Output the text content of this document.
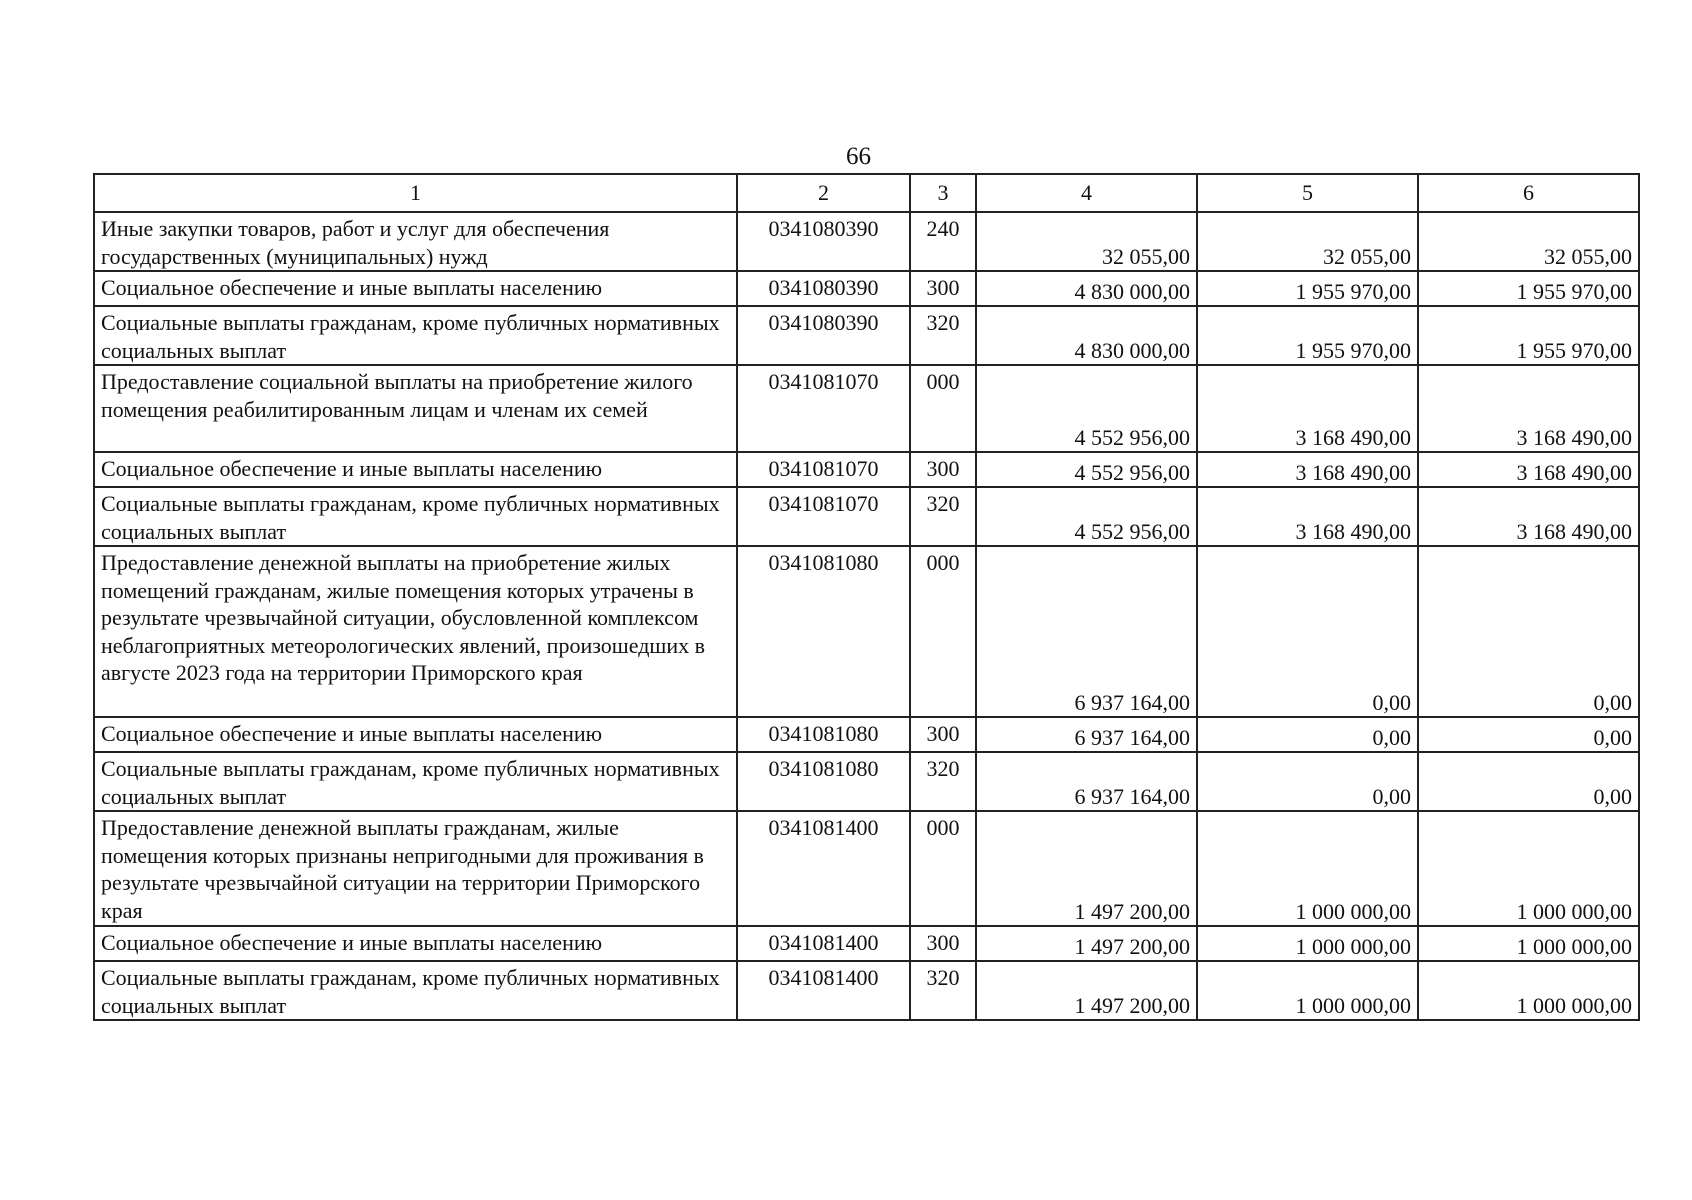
66
1	2	3	4	5	6
Иные закупки товаров, работ и услуг для обеспечения государственных (муниципальных) нужд	0341080390	240	32 055,00	32 055,00	32 055,00
Социальное обеспечение и иные выплаты населению	0341080390	300	4 830 000,00	1 955 970,00	1 955 970,00
Социальные выплаты гражданам, кроме публичных нормативных социальных выплат	0341080390	320	4 830 000,00	1 955 970,00	1 955 970,00
Предоставление социальной выплаты на приобретение жилого помещения реабилитированным лицам и членам их семей	0341081070	000	4 552 956,00	3 168 490,00	3 168 490,00
Социальное обеспечение и иные выплаты населению	0341081070	300	4 552 956,00	3 168 490,00	3 168 490,00
Социальные выплаты гражданам, кроме публичных нормативных социальных выплат	0341081070	320	4 552 956,00	3 168 490,00	3 168 490,00
Предоставление денежной выплаты на приобретение жилых помещений гражданам, жилые помещения которых утрачены в результате чрезвычайной ситуации, обусловленной комплексом неблагоприятных метеорологических явлений, произошедших в августе 2023 года на территории Приморского края	0341081080	000	6 937 164,00	0,00	0,00
Социальное обеспечение и иные выплаты населению	0341081080	300	6 937 164,00	0,00	0,00
Социальные выплаты гражданам, кроме публичных нормативных социальных выплат	0341081080	320	6 937 164,00	0,00	0,00
Предоставление денежной выплаты гражданам, жилые помещения которых признаны непригодными для проживания в результате чрезвычайной ситуации на территории Приморского края	0341081400	000	1 497 200,00	1 000 000,00	1 000 000,00
Социальное обеспечение и иные выплаты населению	0341081400	300	1 497 200,00	1 000 000,00	1 000 000,00
Социальные выплаты гражданам, кроме публичных нормативных социальных выплат	0341081400	320	1 497 200,00	1 000 000,00	1 000 000,00
